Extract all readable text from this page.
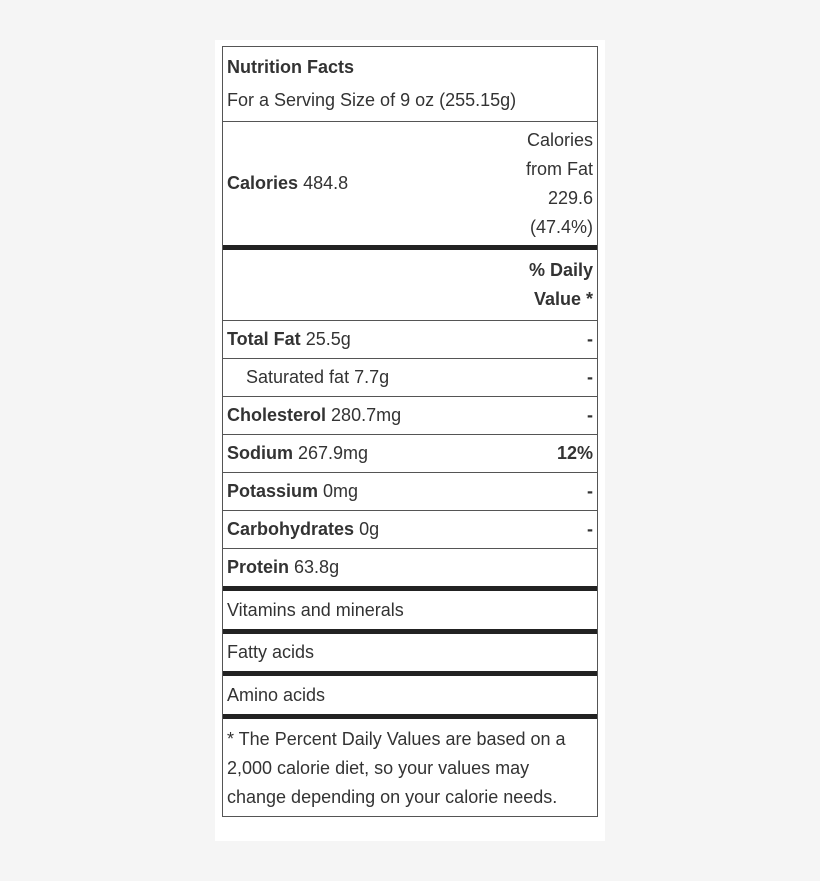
Nutrition Facts
For a Serving Size of 9 oz (255.15g)
Calories 484.8
Calories
from Fat
229.6
(47.4%)
% Daily
Value *
Total Fat 25.5g	-
Saturated fat 7.7g	-
Cholesterol 280.7mg	-
Sodium 267.9mg	12%
Potassium 0mg	-
Carbohydrates 0g	-
Protein 63.8g
Vitamins and minerals
Fatty acids
Amino acids
* The Percent Daily Values are based on a 2,000 calorie diet, so your values may change depending on your calorie needs.
